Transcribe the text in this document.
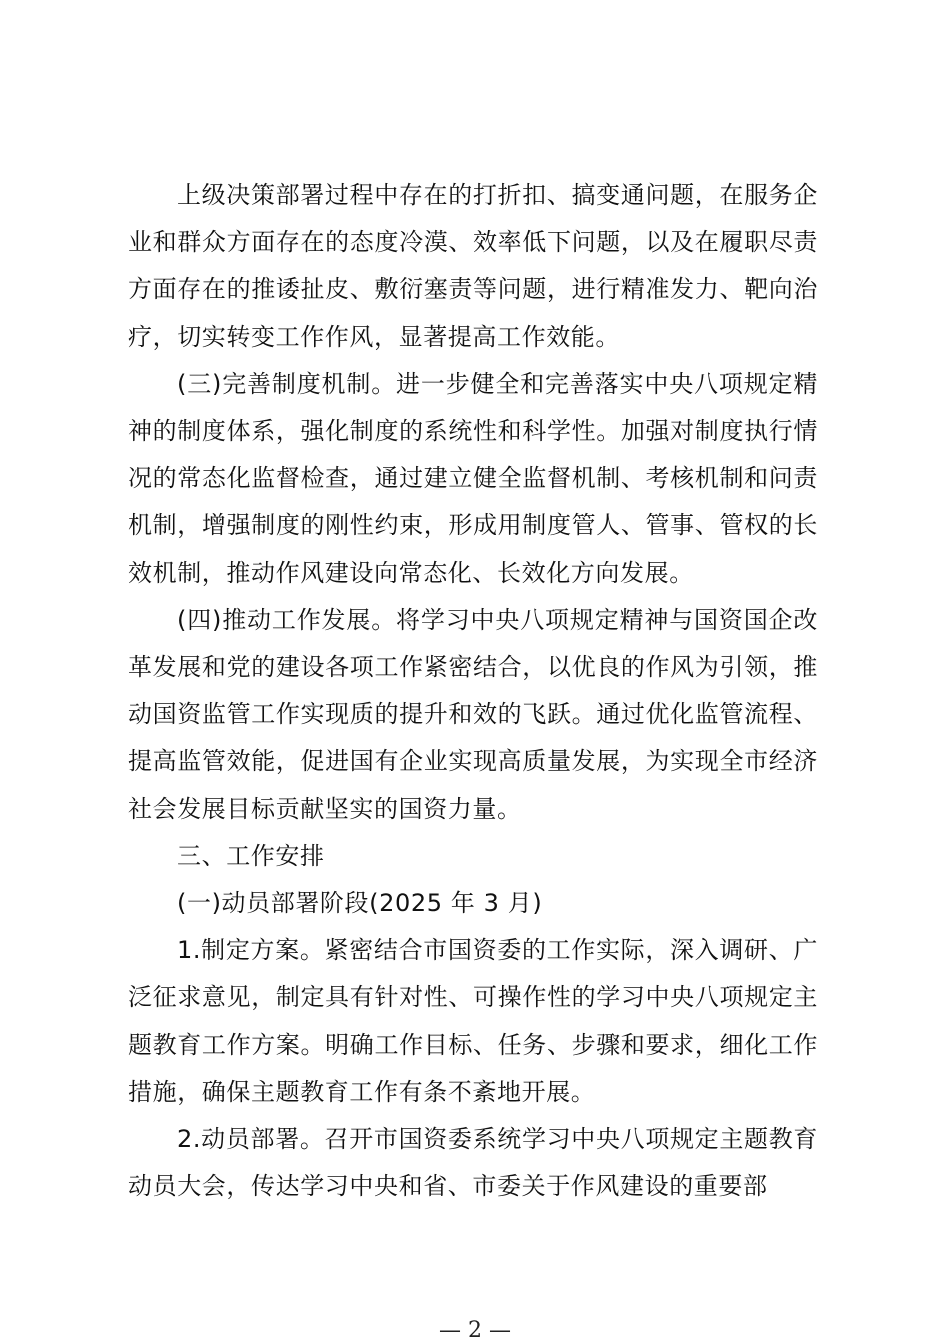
上级决策部署过程中存在的打折扣、搞变通问题，在服务企业和群众方面存在的态度冷漠、效率低下问题，以及在履职尽责方面存在的推诿扯皮、敷衍塞责等问题，进行精准发力、靶向治疗，切实转变工作作风，显著提高工作效能。

(三)完善制度机制。进一步健全和完善落实中央八项规定精神的制度体系，强化制度的系统性和科学性。加强对制度执行情况的常态化监督检查，通过建立健全监督机制、考核机制和问责机制，增强制度的刚性约束，形成用制度管人、管事、管权的长效机制，推动作风建设向常态化、长效化方向发展。

(四)推动工作发展。将学习中央八项规定精神与国资国企改革发展和党的建设各项工作紧密结合，以优良的作风为引领，推动国资监管工作实现质的提升和效的飞跃。通过优化监管流程、提高监管效能，促进国有企业实现高质量发展，为实现全市经济社会发展目标贡献坚实的国资力量。

三、工作安排

(一)动员部署阶段(2025 年 3 月)

1.制定方案。紧密结合市国资委的工作实际，深入调研、广泛征求意见，制定具有针对性、可操作性的学习中央八项规定主题教育工作方案。明确工作目标、任务、步骤和要求，细化工作措施，确保主题教育工作有条不紊地开展。

2.动员部署。召开市国资委系统学习中央八项规定主题教育动员大会，传达学习中央和省、市委关于作风建设的重要部

— 2 —
